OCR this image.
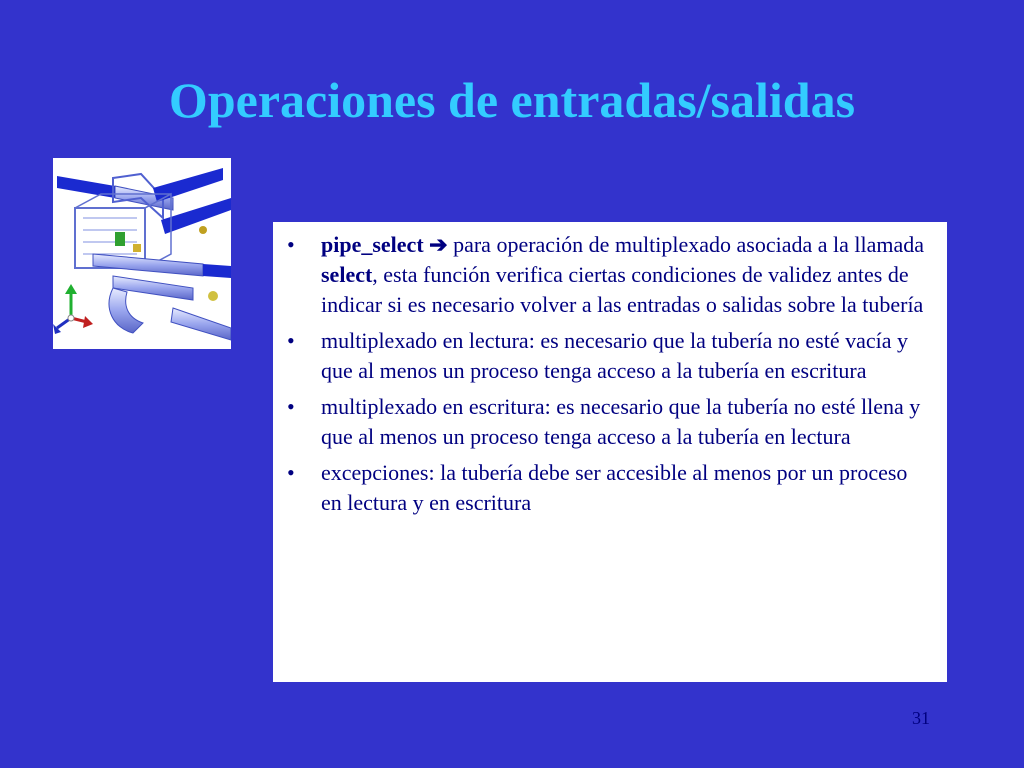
Operaciones de entradas/salidas
•	pipe_select ➔ para operación de multiplexado asociada a la llamada select, esta función verifica ciertas condiciones de validez antes de indicar si es necesario volver a las entradas o salidas sobre la tubería
•	multiplexado en lectura: es necesario que la tubería no esté vacía y que al menos un proceso tenga acceso a la tubería en escritura
•	multiplexado en escritura: es necesario que la tubería no esté llena y que al menos un proceso tenga acceso a la tubería en lectura
•	excepciones: la tubería debe ser accesible al menos por un proceso en lectura y en escritura
31
